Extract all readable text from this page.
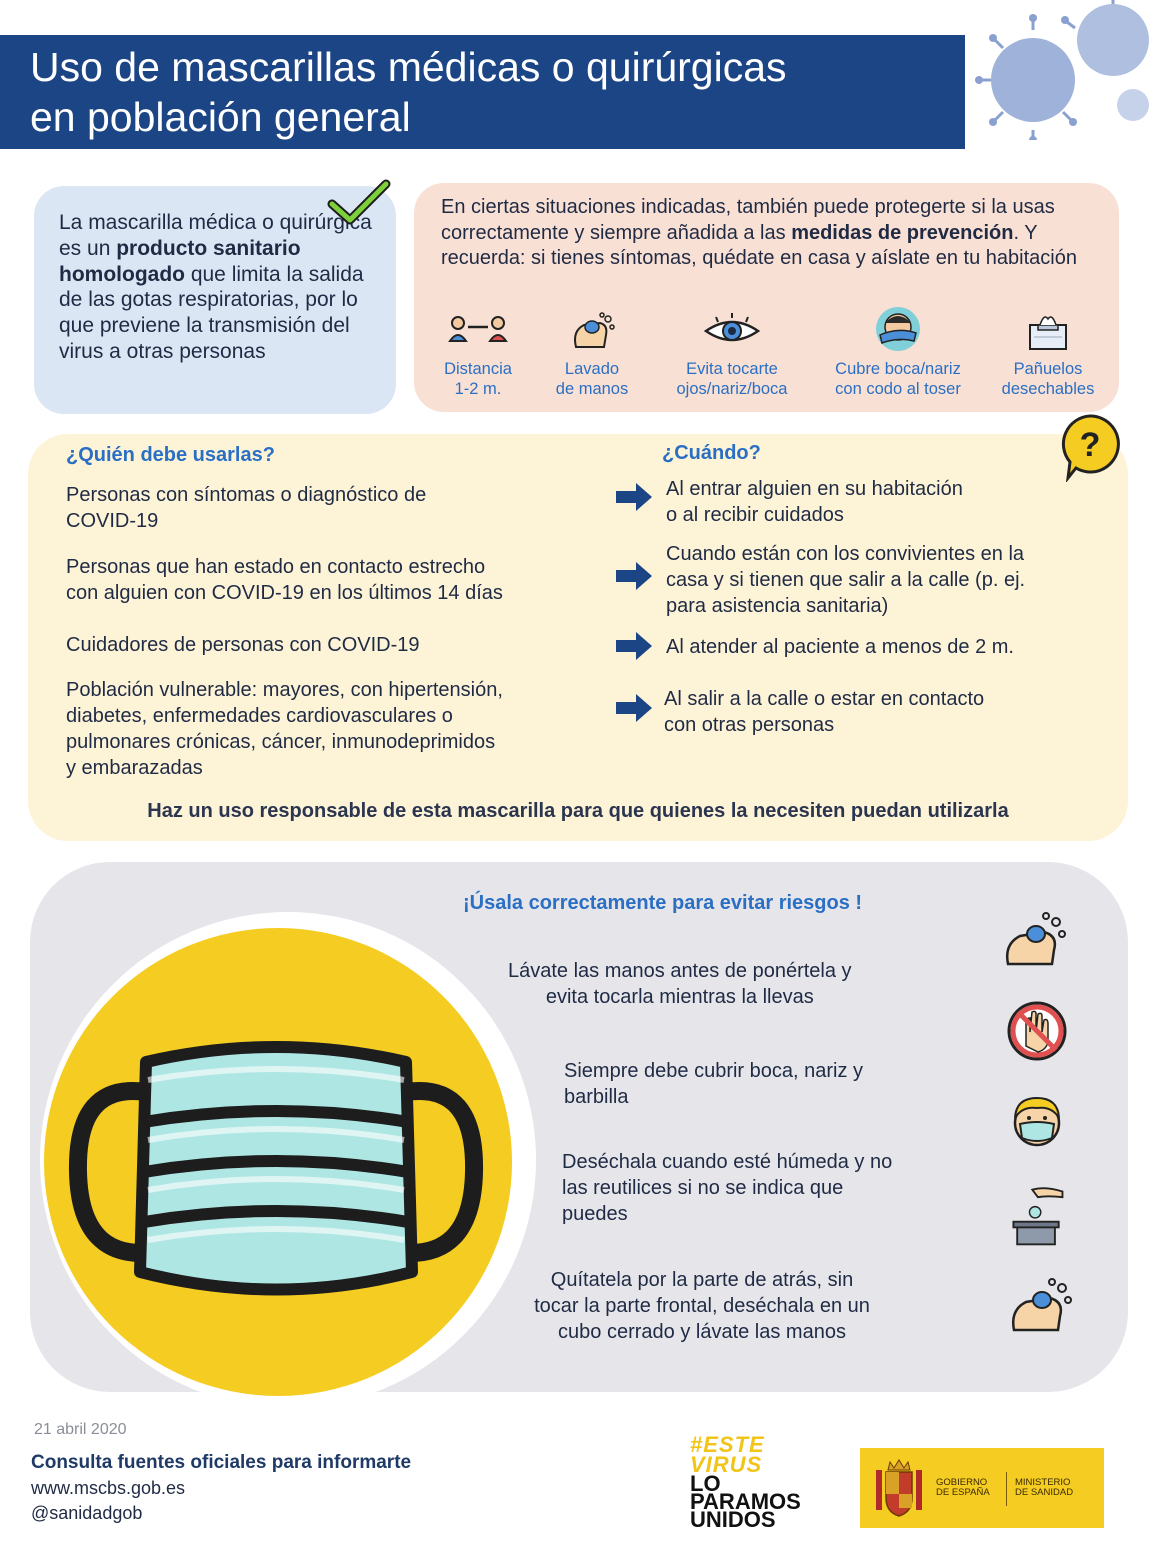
Uso de mascarillas médicas o quirúrgicas
en población general

La mascarilla médica o quirúrgica es un producto sanitario homologado que limita la salida de las gotas respiratorias, por lo que previene la transmisión del virus a otras personas

En ciertas situaciones indicadas, también puede protegerte si la usas correctamente y siempre añadida a las medidas de prevención. Y recuerda: si tienes síntomas, quédate en casa y aíslate en tu habitación
Distancia
1-2 m.
Lavado
de manos
Evita tocarte
ojos/nariz/boca
Cubre boca/nariz
con codo al toser
Pañuelos
desechables
¿Quién debe usarlas?	¿Cuándo?
Personas con síntomas o diagnóstico de
COVID-19
Al entrar alguien en su habitación
o al recibir cuidados
Personas que han estado en contacto estrecho
con alguien con COVID-19 en los últimos 14 días
Cuando están con los convivientes en la
casa y si tienen que salir a la calle (p. ej.
para asistencia sanitaria)
Cuidadores de personas con COVID-19	Al atender al paciente a menos de 2 m.
Población vulnerable: mayores, con hipertensión,
diabetes, enfermedades cardiovasculares o
pulmonares crónicas, cáncer, inmunodeprimidos
y embarazadas
Al salir a la calle o estar en contacto
con otras personas
Haz un uso responsable de esta mascarilla para que quienes la necesiten puedan utilizarla
?
¡Úsala correctamente para evitar riesgos !
Lávate las manos antes de ponértela y
evita tocarla mientras la llevas
Siempre debe cubrir boca, nariz y
barbilla
Deséchala cuando esté húmeda y no
las reutilices si no se indica que
puedes
Quítatela por la parte de atrás, sin
tocar la parte frontal, deséchala en un
cubo cerrado y lávate las manos
21 abril 2020
Consulta fuentes oficiales para informarte
www.mscbs.gob.es
@sanidadgob
#ESTE
VIRUS
LO
PARAMOS
UNIDOS
GOBIERNO
DE ESPAÑA
MINISTERIO
DE SANIDAD
